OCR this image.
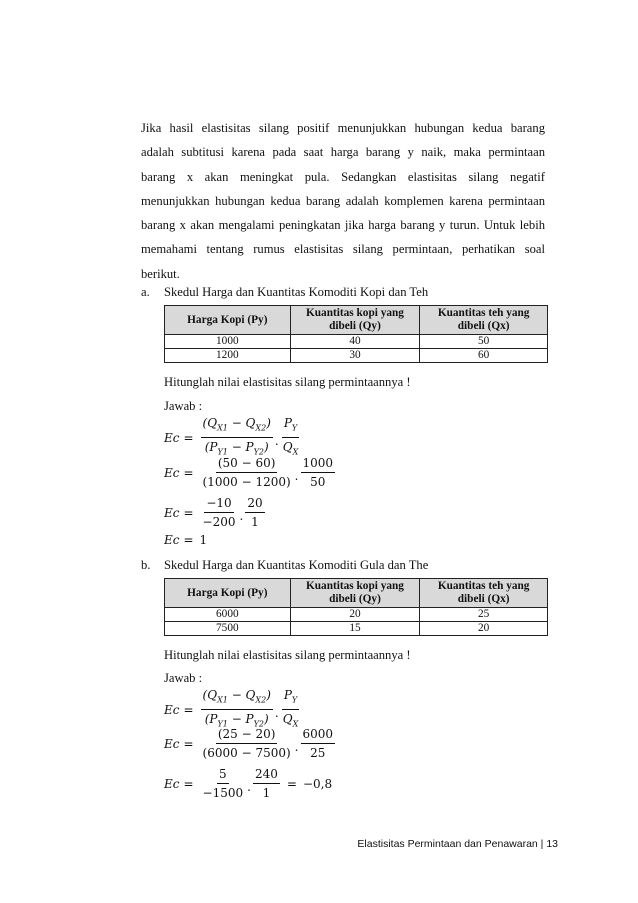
Jika hasil elastisitas silang positif menunjukkan hubungan kedua barang
adalah subtitusi karena pada saat harga barang y naik, maka permintaan
barang x akan meningkat pula. Sedangkan elastisitas silang negatif
menunjukkan hubungan kedua barang adalah komplemen karena permintaan
barang x akan mengalami peningkatan jika harga barang y turun. Untuk lebih
memahami tentang rumus elastisitas silang permintaan, perhatikan soal
berikut.

a. Skedul Harga dan Kuantitas Komoditi Kopi dan Teh
Harga Kopi (Py)	Kuantitas kopi yang dibeli (Qy)	Kuantitas teh yang dibeli (Qx)
1000	40	50
1200	30	60
Hitunglah nilai elastisitas silang permintaannya !
Jawab :
$Ec = \frac{(Q_{X1} - Q_{X2})}{(P_{Y1} - P_{Y2})}$ . $\frac{P_Y}{Q_X}$
$Ec = \frac{(50 - 60)}{(1000 - 1200)}$ . $\frac{1000}{50}$
$Ec = \frac{-10}{-200}$ . $\frac{20}{1}$
Ec = 1
b. Skedul Harga dan Kuantitas Komoditi Gula dan The
Harga Kopi (Py)	Kuantitas kopi yang dibeli (Qy)	Kuantitas teh yang dibeli (Qx)
6000	20	25
7500	15	20
Hitunglah nilai elastisitas silang permintaannya !
Jawab :
$Ec = \frac{(Q_{X1} - Q_{X2})}{(P_{Y1} - P_{Y2})}$ . $\frac{P_Y}{Q_X}$
$Ec = \frac{(25 - 20)}{(6000 - 7500)}$ . $\frac{6000}{25}$
$Ec = \frac{5}{-1500}$ . $\frac{240}{1} = -0,8$
Elastisitas Permintaan dan Penawaran | 13
